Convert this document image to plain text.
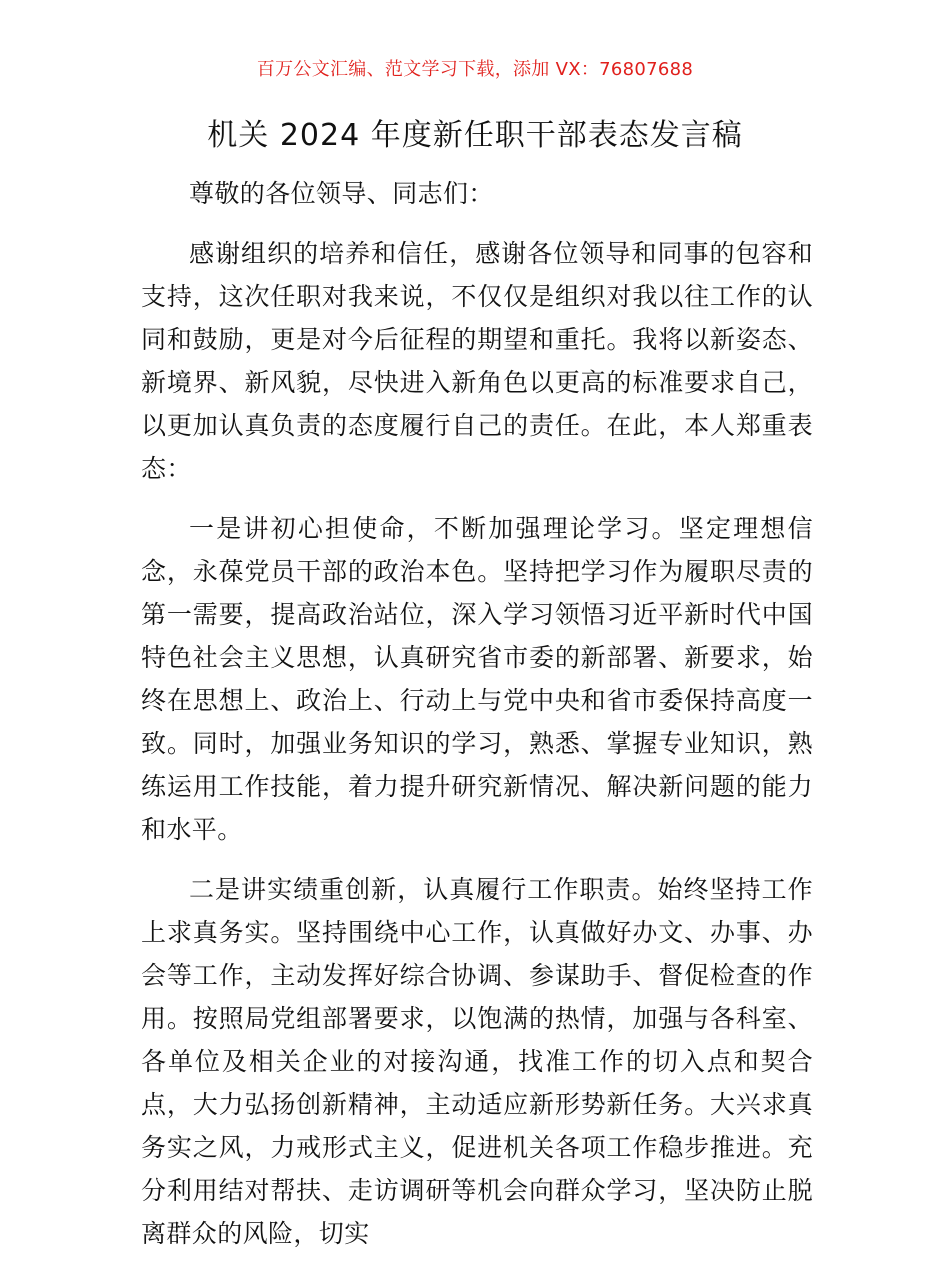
百万公文汇编、范文学习下载，添加 VX：76807688
机关 2024 年度新任职干部表态发言稿

尊敬的各位领导、同志们：

感谢组织的培养和信任，感谢各位领导和同事的包容和支持，这次任职对我来说，不仅仅是组织对我以往工作的认同和鼓励，更是对今后征程的期望和重托。我将以新姿态、新境界、新风貌，尽快进入新角色以更高的标准要求自己，以更加认真负责的态度履行自己的责任。在此，本人郑重表态：

一是讲初心担使命，不断加强理论学习。坚定理想信念，永葆党员干部的政治本色。坚持把学习作为履职尽责的第一需要，提高政治站位，深入学习领悟习近平新时代中国特色社会主义思想，认真研究省市委的新部署、新要求，始终在思想上、政治上、行动上与党中央和省市委保持高度一致。同时，加强业务知识的学习，熟悉、掌握专业知识，熟练运用工作技能，着力提升研究新情况、解决新问题的能力和水平。

二是讲实绩重创新，认真履行工作职责。始终坚持工作上求真务实。坚持围绕中心工作，认真做好办文、办事、办会等工作，主动发挥好综合协调、参谋助手、督促检查的作用。按照局党组部署要求，以饱满的热情，加强与各科室、各单位及相关企业的对接沟通，找准工作的切入点和契合点，大力弘扬创新精神，主动适应新形势新任务。大兴求真务实之风，力戒形式主义，促进机关各项工作稳步推进。充分利用结对帮扶、走访调研等机会向群众学习，坚决防止脱离群众的风险，切实
